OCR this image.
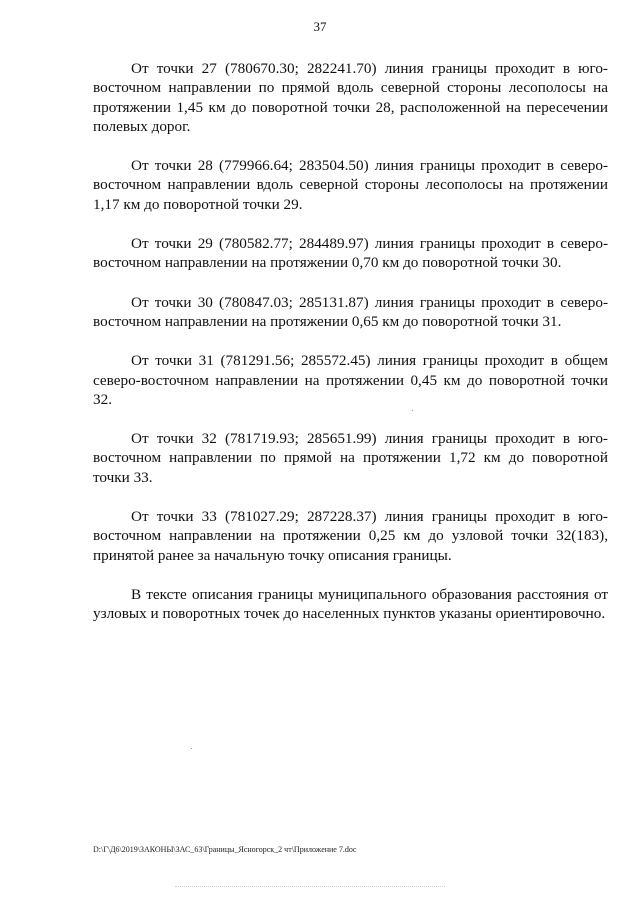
37

От точки 27 (780670.30; 282241.70) линия границы проходит в юго-восточном направлении по прямой вдоль северной стороны лесополосы на протяжении 1,45 км до поворотной точки 28, расположенной на пересечении полевых дорог.

От точки 28 (779966.64; 283504.50) линия границы проходит в северо-восточном направлении вдоль северной стороны лесополосы на протяжении 1,17 км до поворотной точки 29.

От точки 29 (780582.77; 284489.97) линия границы проходит в северо-восточном направлении на протяжении 0,70 км до поворотной точки 30.

От точки 30 (780847.03; 285131.87) линия границы проходит в северо-восточном направлении на протяжении 0,65 км до поворотной точки 31.

От точки 31 (781291.56; 285572.45) линия границы проходит в общем северо-восточном направлении на протяжении 0,45 км до поворотной точки 32.

От точки 32 (781719.93; 285651.99) линия границы проходит в юго-восточном направлении по прямой на протяжении 1,72 км до поворотной точки 33.

От точки 33 (781027.29; 287228.37) линия границы проходит в юго-восточном направлении на протяжении 0,25 км до узловой точки 32(183), принятой ранее за начальную точку описания границы.

В тексте описания границы муниципального образования расстояния от узловых и поворотных точек до населенных пунктов указаны ориентировочно.

D:\Г\Д6\2019\ЗАКОНЫ\ЗАС_63\Границы_Ясногорск_2 чт\Приложение 7.doc
